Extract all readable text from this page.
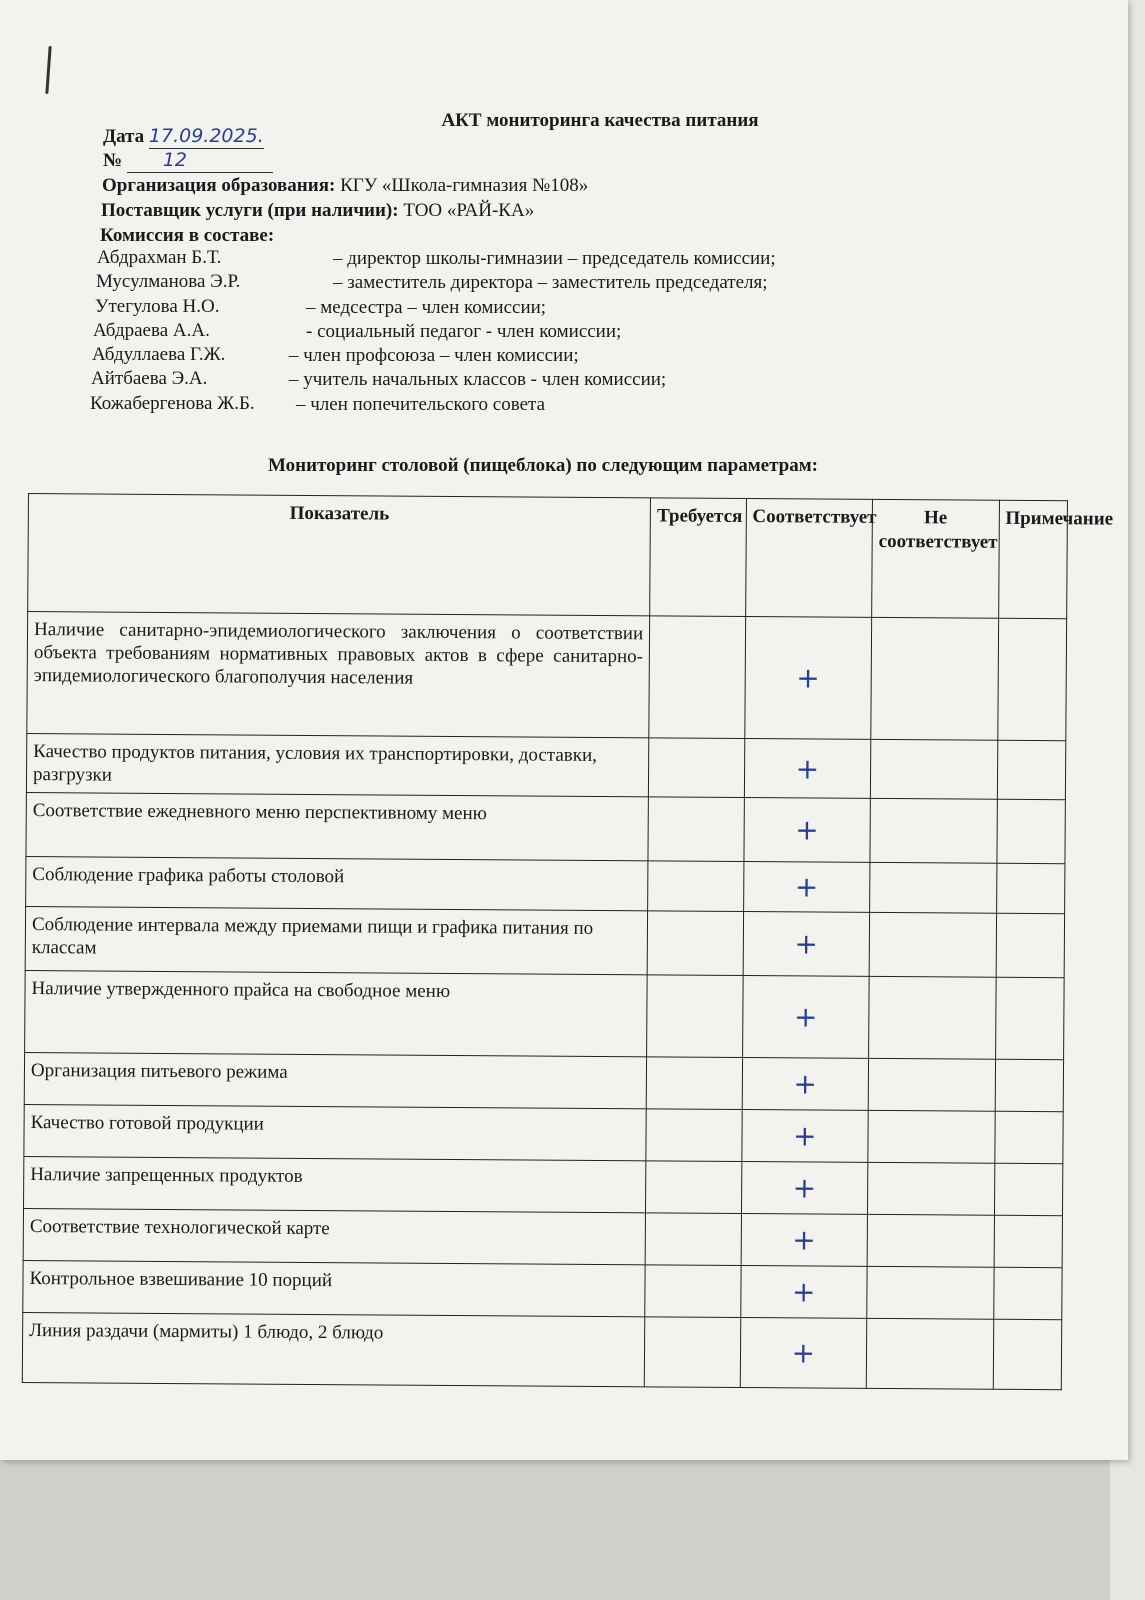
АКТ мониторинга качества питания
Дата 17.09.2025.
№ 12
Организация образования: КГУ «Школа-гимназия №108»
Поставщик услуги (при наличии): ТОО «РАЙ-КА»
Комиссия в составе:
Абдрахман Б.Т.	– директор школы-гимназии – председатель комиссии;
Мусулманова Э.Р.	– заместитель директора – заместитель председателя;
Утегулова Н.О.	– медсестра – член комиссии;
Абдраева А.А.	- социальный педагог - член комиссии;
Абдуллаева Г.Ж.	– член профсоюза – член комиссии;
Айтбаева Э.А.	– учитель начальных классов - член комиссии;
Кожабергенова Ж.Б. – член попечительского совета
Мониторинг столовой (пищеблока) по следующим параметрам:
Показатель	Требуется	Соответствует	Не соответствует	Примечание
Наличие санитарно-эпидемиологического заключения о соответствии объекта требованиям нормативных правовых актов в сфере санитарно-эпидемиологического благополучия населения		+		
Качество продуктов питания, условия их транспортировки, доставки, разгрузки		+		
Соответствие ежедневного меню перспективному меню		+		
Соблюдение графика работы столовой		+		
Соблюдение интервала между приемами пищи и графика питания по классам		+		
Наличие утвержденного прайса на свободное меню		+		
Организация питьевого режима		+		
Качество готовой продукции		+		
Наличие запрещенных продуктов		+		
Соответствие технологической карте		+		
Контрольное взвешивание 10 порций		+		
Линия раздачи (мармиты) 1 блюдо, 2 блюдо		+		
